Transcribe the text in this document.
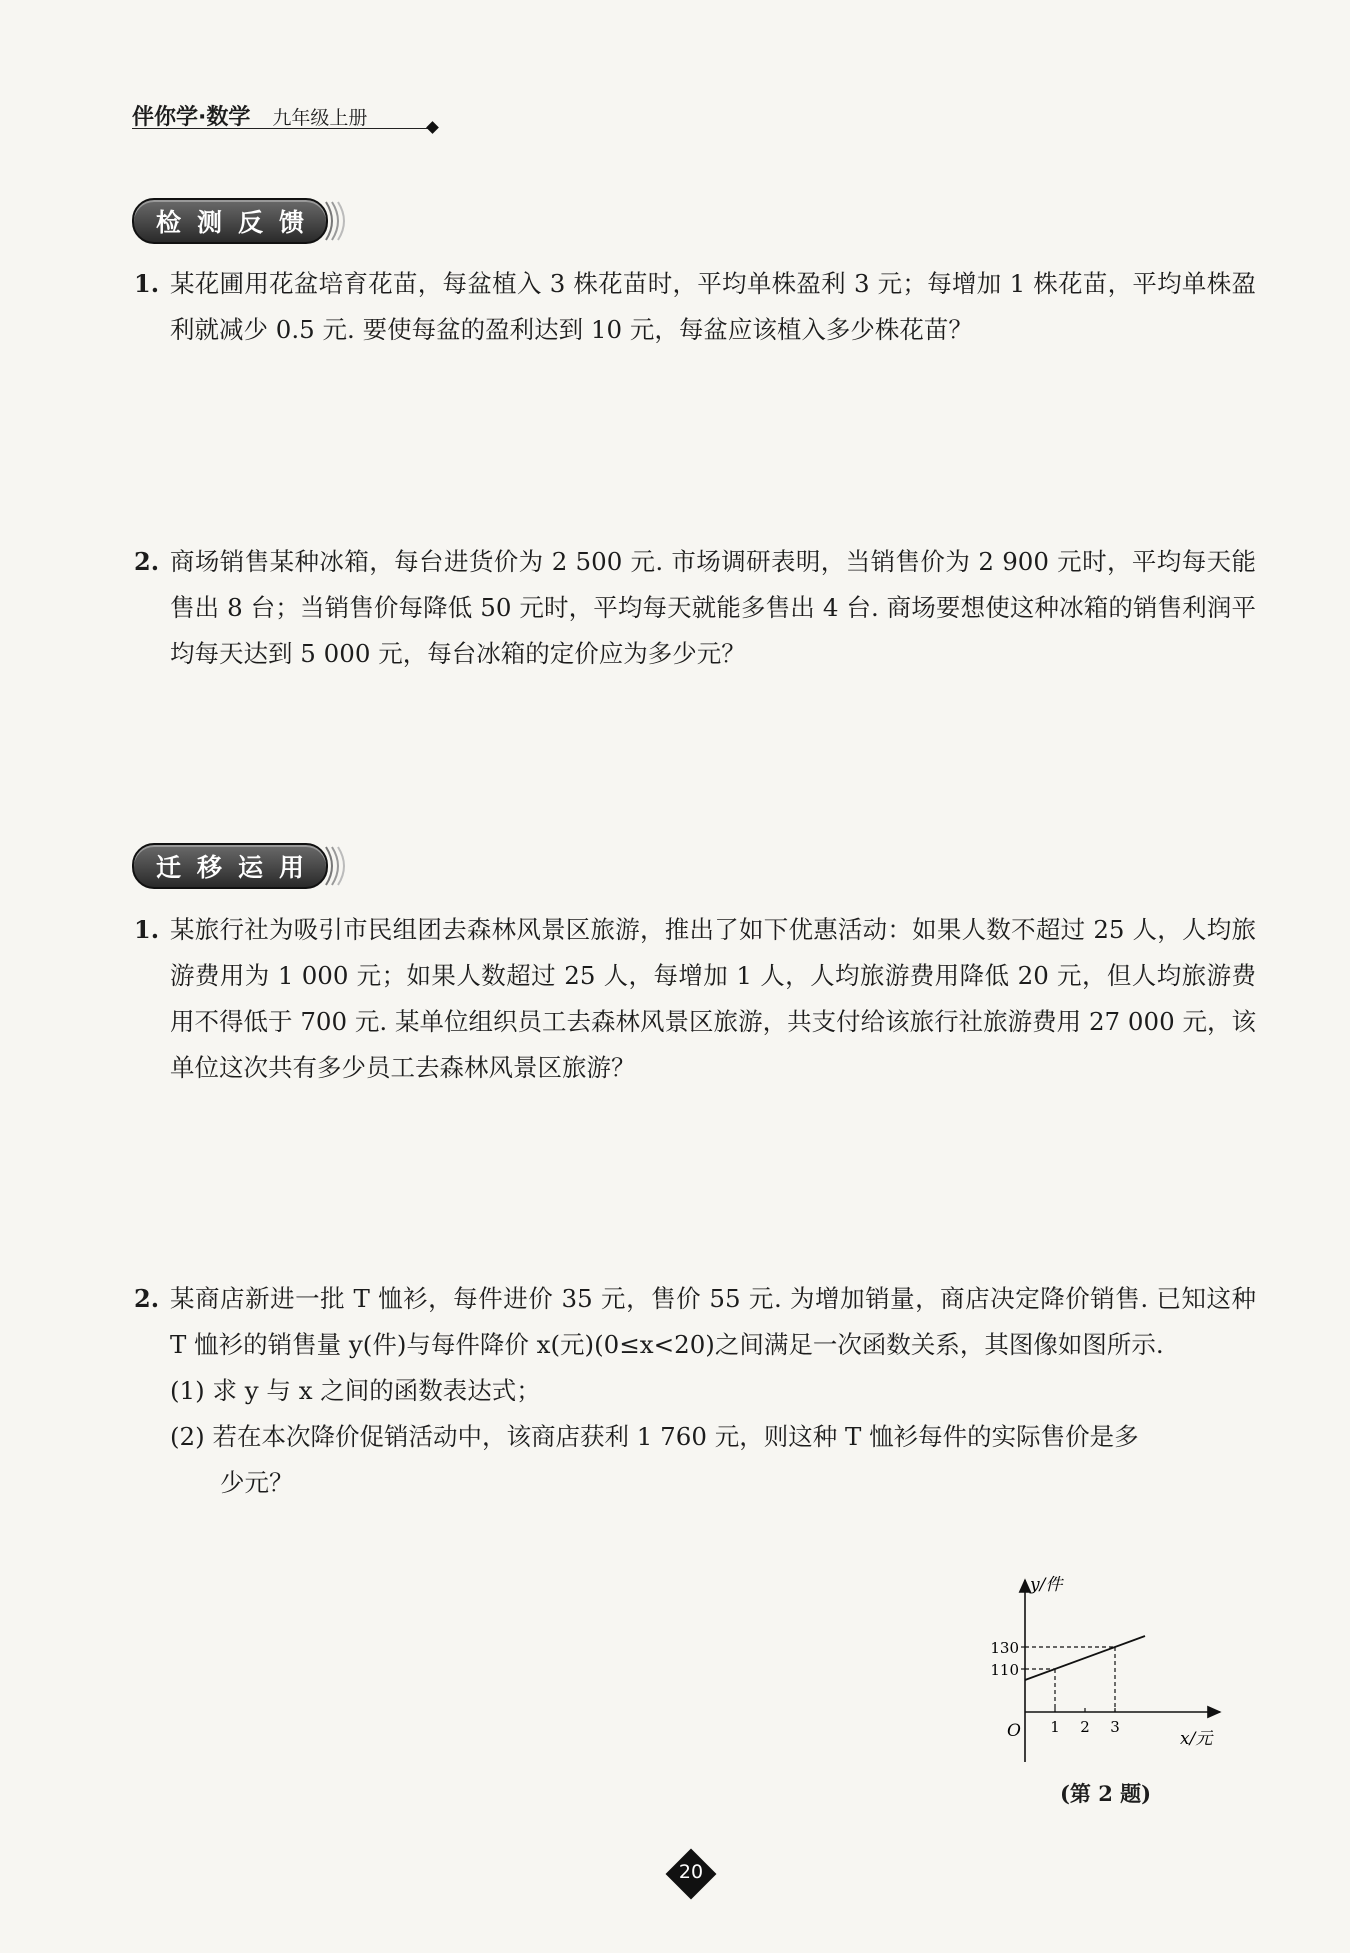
伴你学·数学 九年级上册
检测反馈
1. 某花圃用花盆培育花苗，每盆植入 3 株花苗时，平均单株盈利 3 元；每增加 1 株花苗，平均单株盈利就减少 0.5 元. 要使每盆的盈利达到 10 元，每盆应该植入多少株花苗？
2. 商场销售某种冰箱，每台进货价为 2 500 元. 市场调研表明，当销售价为 2 900 元时，平均每天能售出 8 台；当销售价每降低 50 元时，平均每天就能多售出 4 台. 商场要想使这种冰箱的销售利润平均每天达到 5 000 元，每台冰箱的定价应为多少元？
迁移运用
1. 某旅行社为吸引市民组团去森林风景区旅游，推出了如下优惠活动：如果人数不超过 25 人，人均旅游费用为 1 000 元；如果人数超过 25 人，每增加 1 人，人均旅游费用降低 20 元，但人均旅游费用不得低于 700 元. 某单位组织员工去森林风景区旅游，共支付给该旅行社旅游费用 27 000 元，该单位这次共有多少员工去森林风景区旅游？
2. 某商店新进一批 T 恤衫，每件进价 35 元，售价 55 元. 为增加销量，商店决定降价销售. 已知这种 T 恤衫的销售量 y(件)与每件降价 x(元)(0≤x<20)之间满足一次函数关系，其图像如图所示.
(1) 求 y 与 x 之间的函数表达式；
(2) 若在本次降价促销活动中，该商店获利 1 760 元，则这种 T 恤衫每件的实际售价是多
少元？
110
130
1 2 3
y/件
x/元
O
(第 2 题)
20
